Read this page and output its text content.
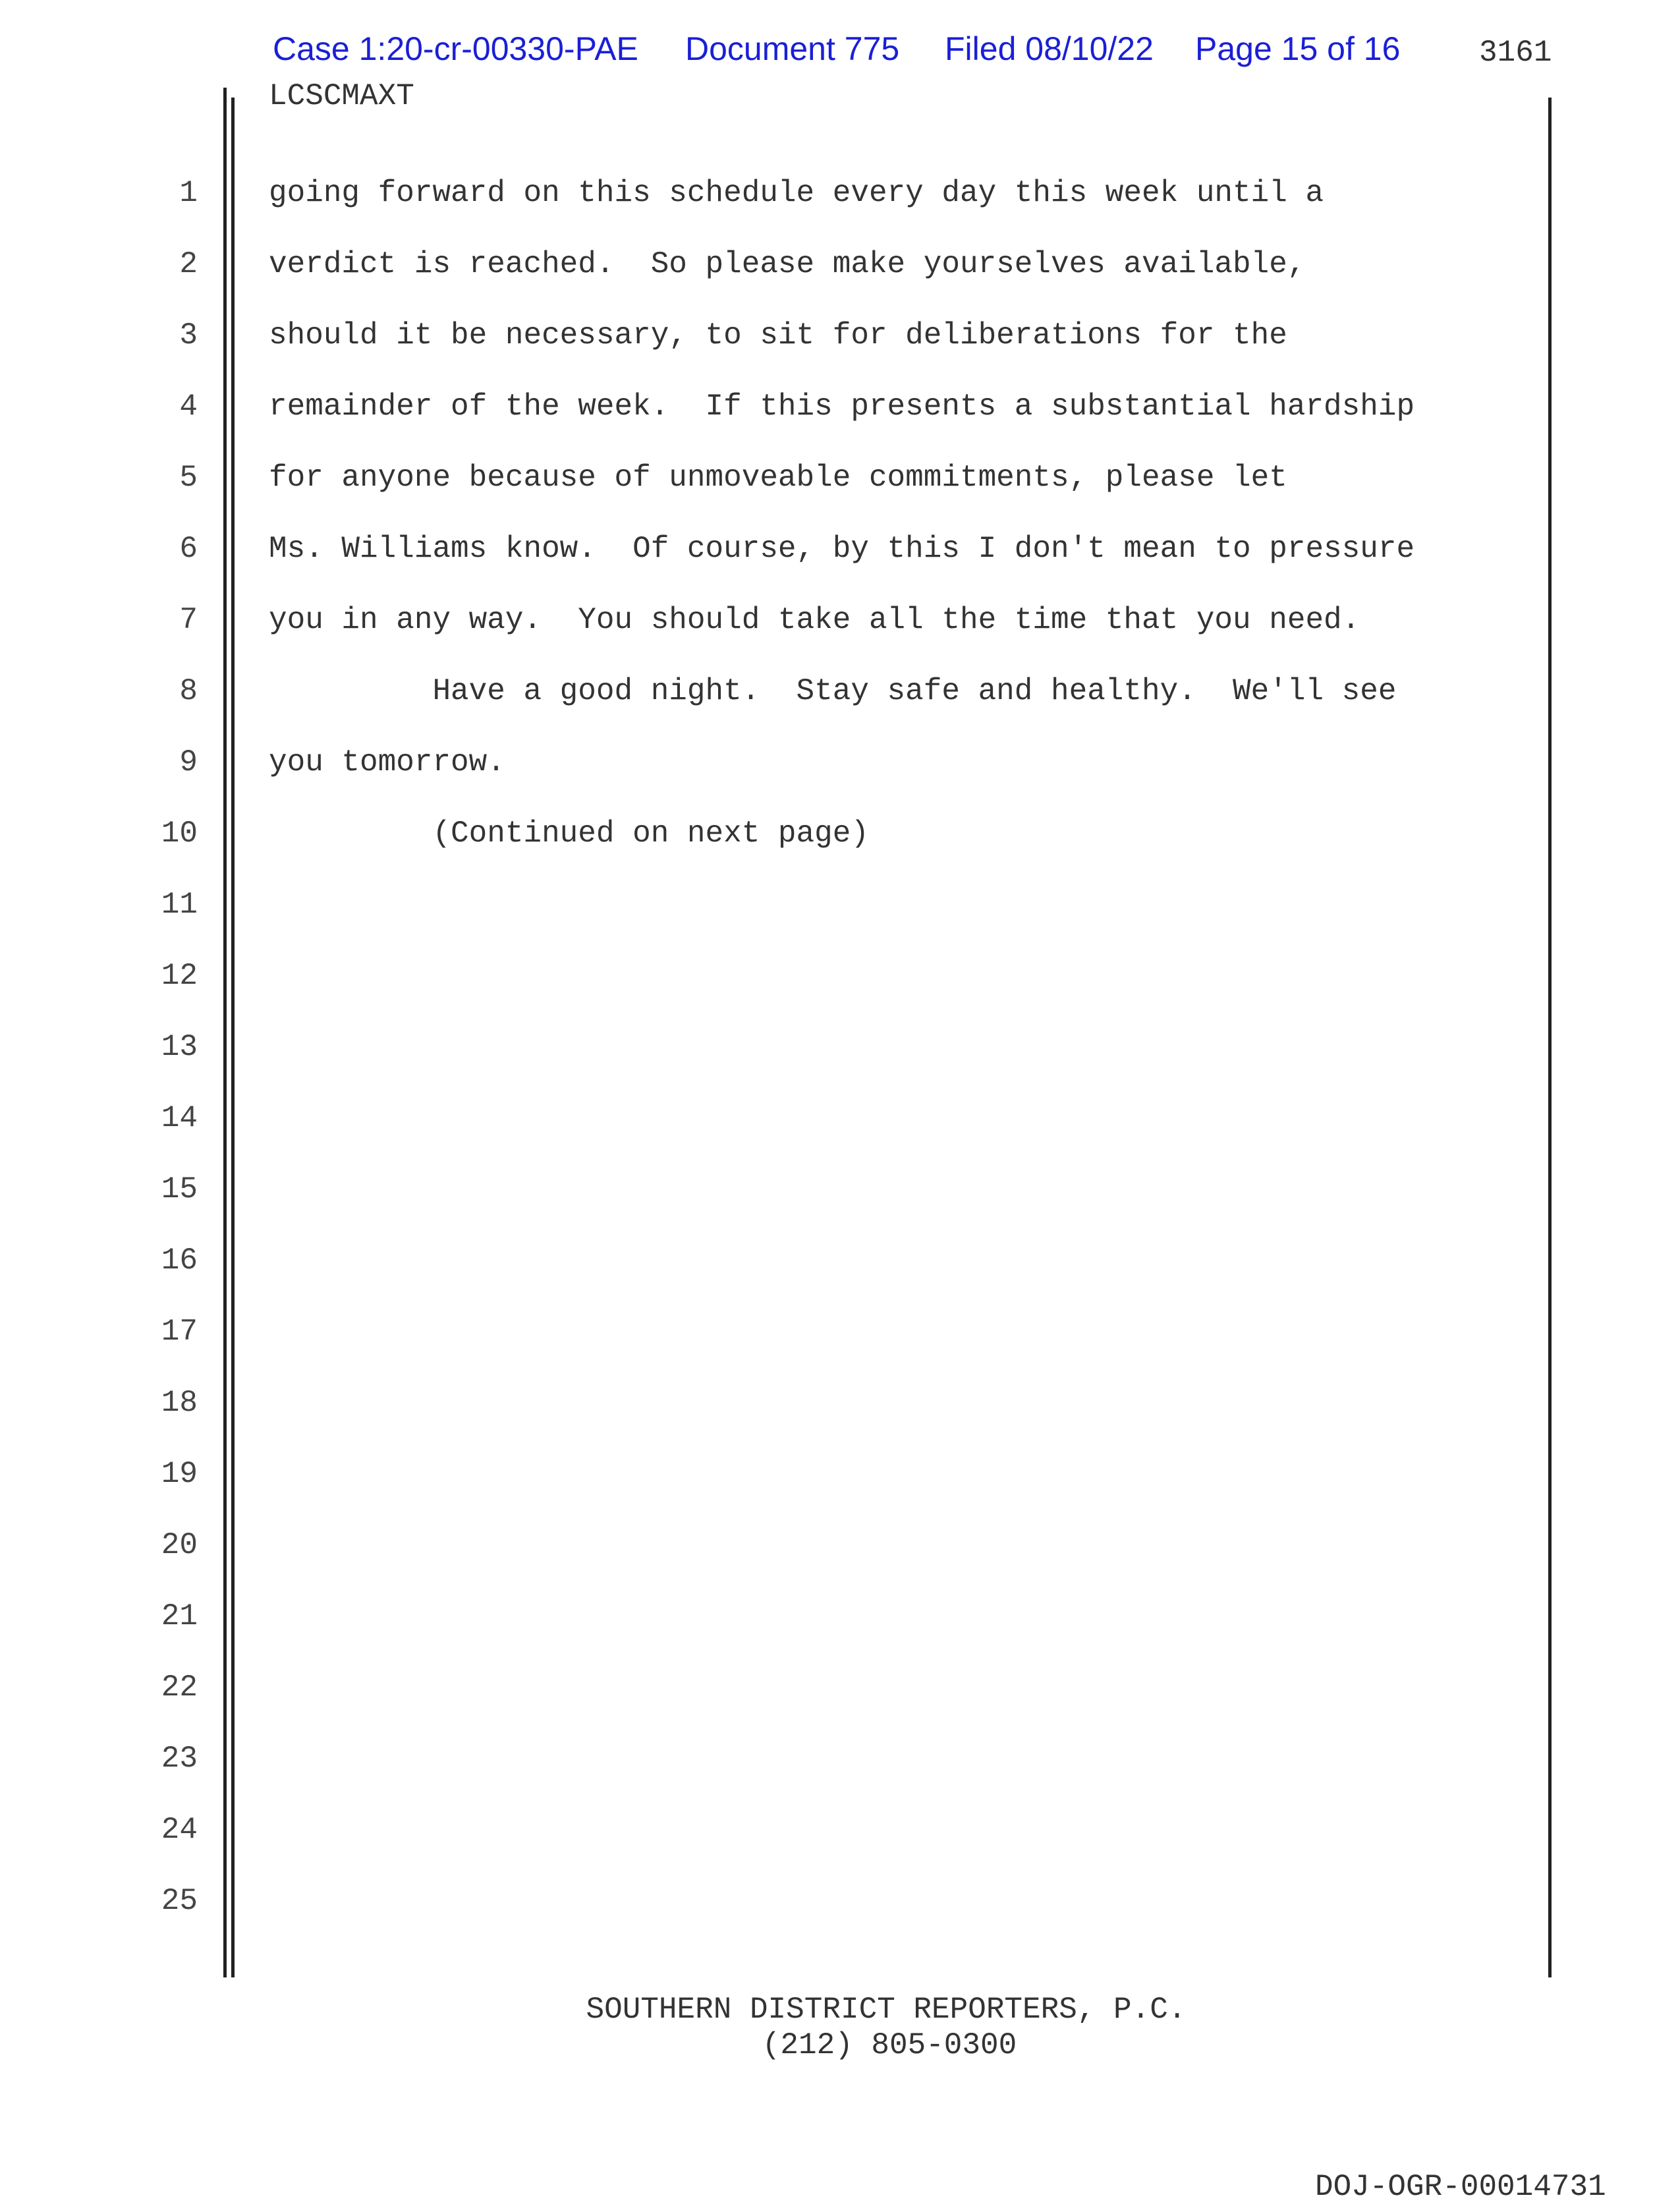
Case 1:20-cr-00330-PAE Document 775 Filed 08/10/22 Page 15 of 16	3161
LCSCMAXT
1
2
3
4
5
6
7
8
9
10
11
12
13
14
15
16
17
18
19
20
21
22
23
24
25
going forward on this schedule every day this week until a
verdict is reached.  So please make yourselves available,
should it be necessary, to sit for deliberations for the
remainder of the week.  If this presents a substantial hardship
for anyone because of unmoveable commitments, please let
Ms. Williams know.  Of course, by this I don't mean to pressure
you in any way.  You should take all the time that you need.
Have a good night.  Stay safe and healthy.  We'll see
you tomorrow.
(Continued on next page)
SOUTHERN DISTRICT REPORTERS, P.C.
(212) 805-0300
DOJ-OGR-00014731
